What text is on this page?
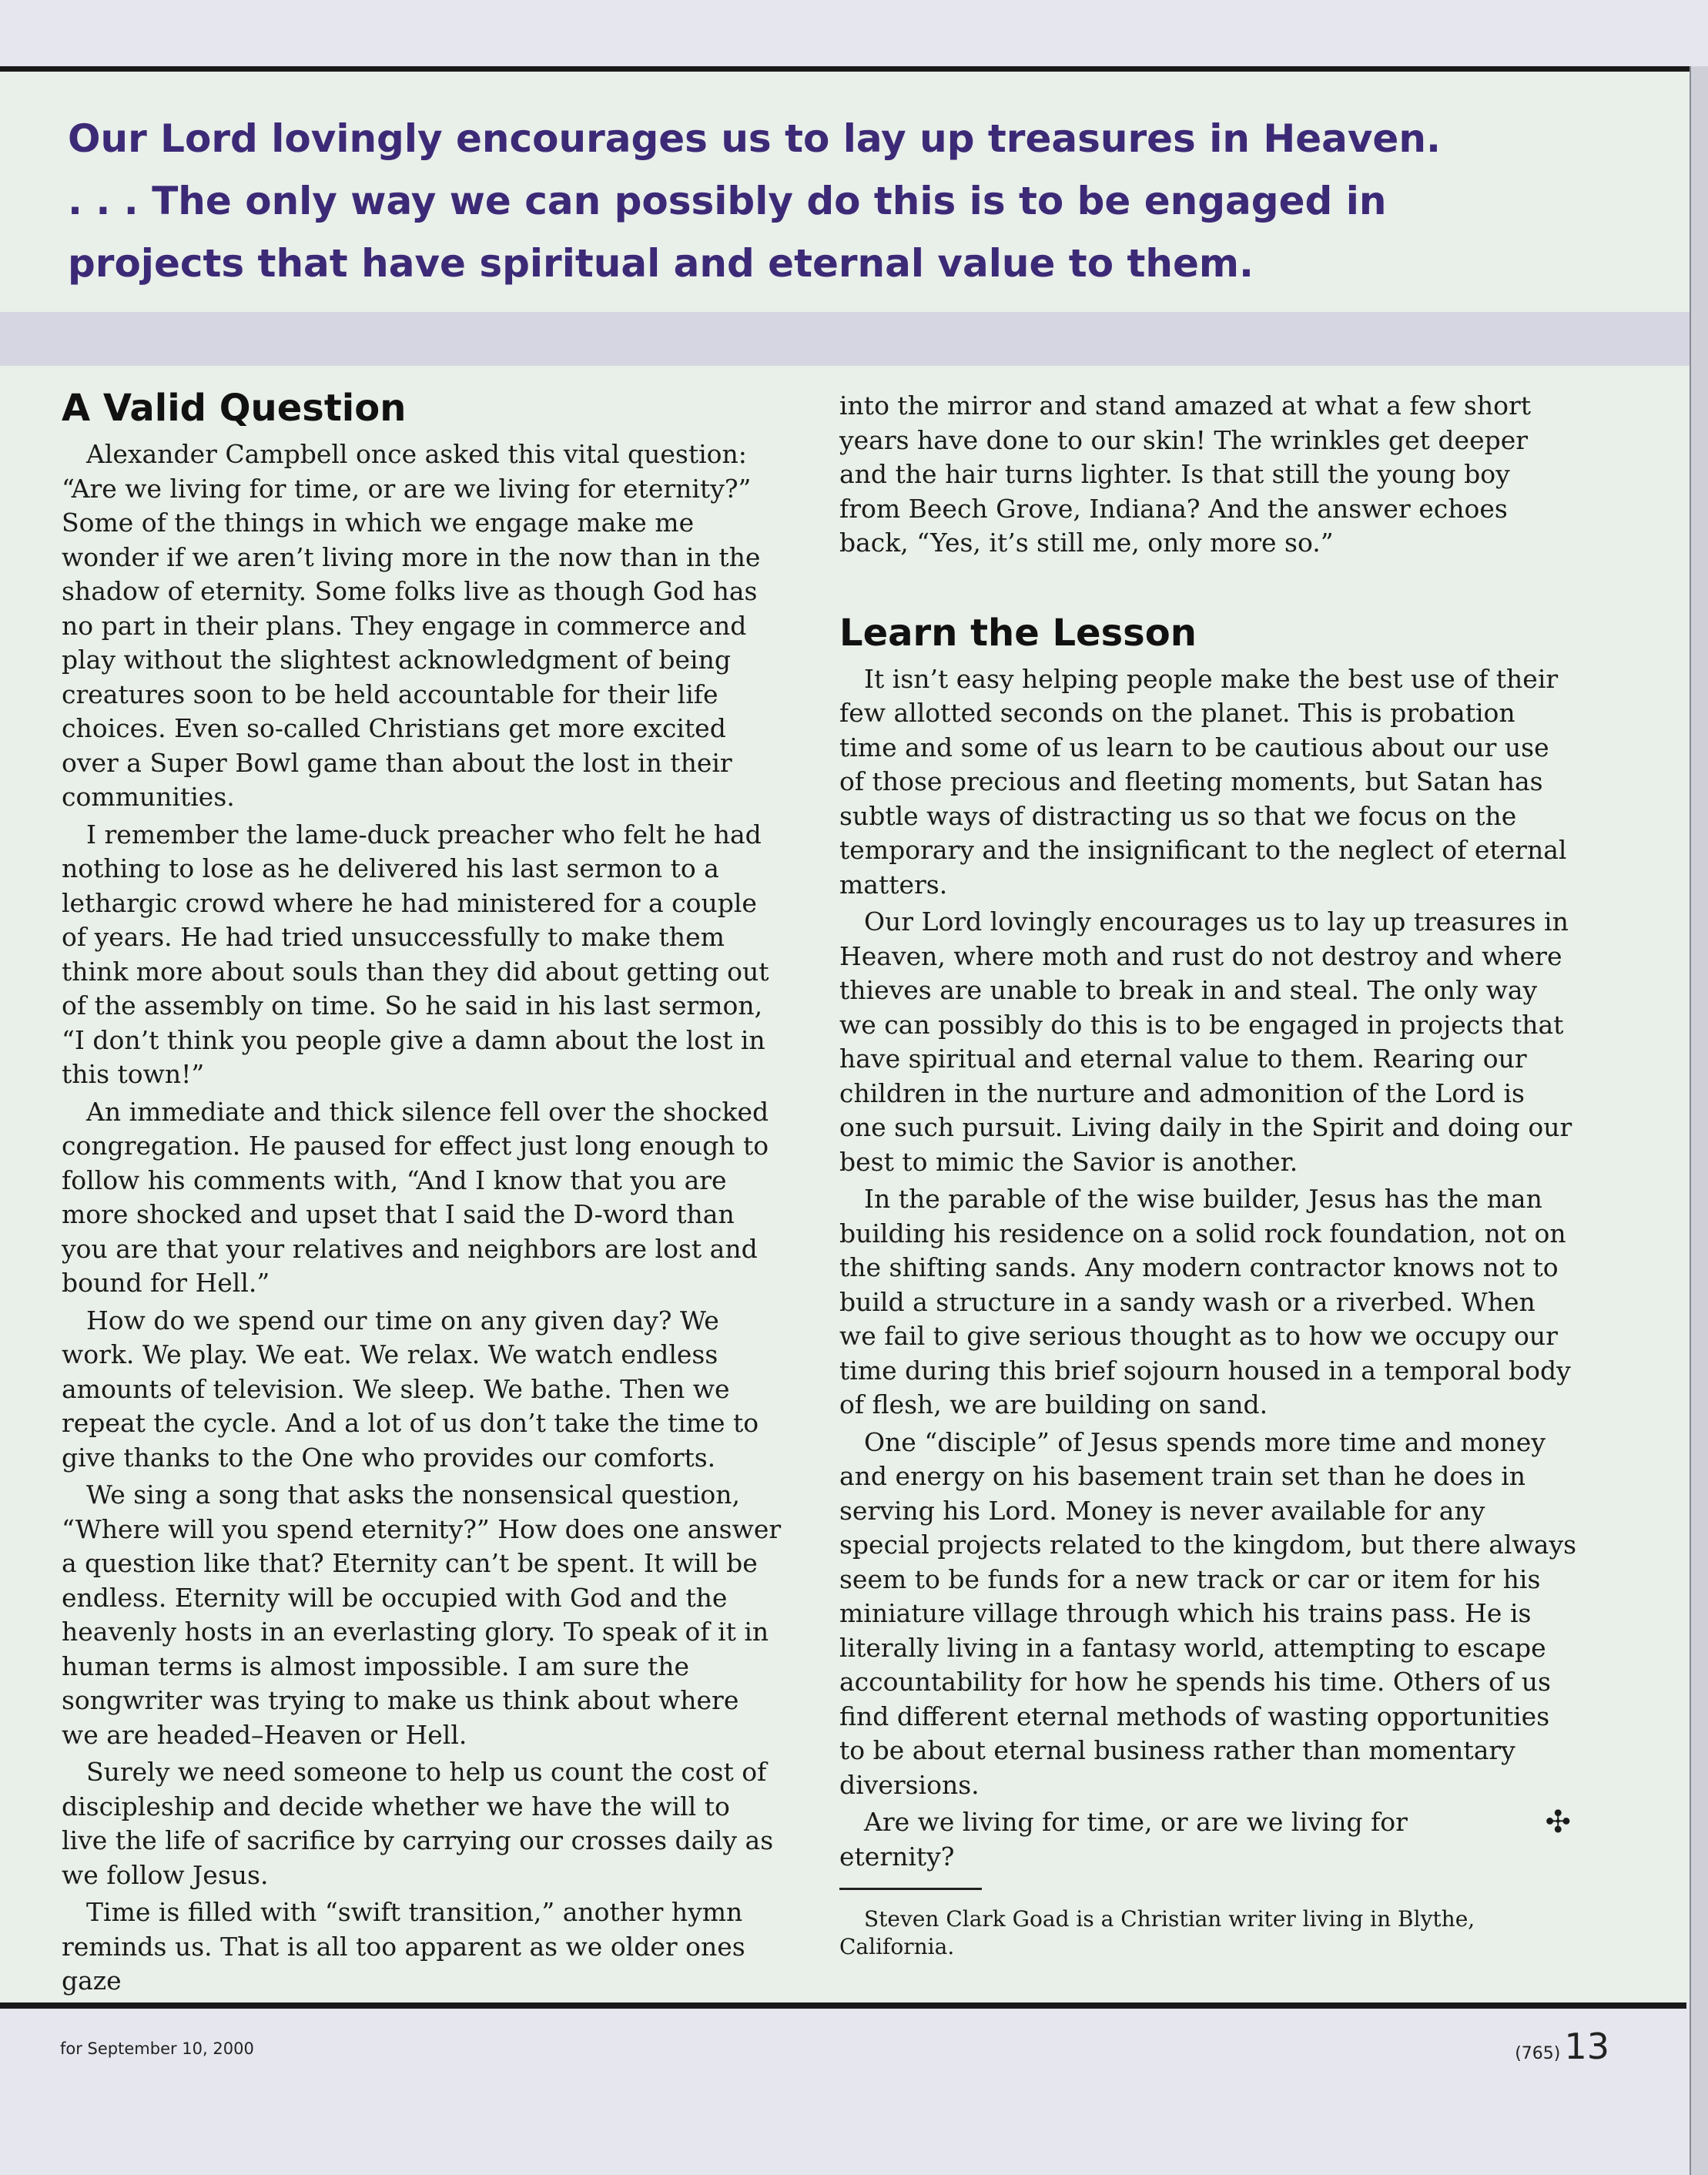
Our Lord lovingly encourages us to lay up treasures in Heaven.
. . . The only way we can possibly do this is to be engaged in
projects that have spiritual and eternal value to them.
A Valid Question

Alexander Campbell once asked this vital question: “Are we living for time, or are we living for eternity?” Some of the things in which we engage make me wonder if we aren’t living more in the now than in the shadow of eternity. Some folks live as though God has no part in their plans. They engage in commerce and play without the slightest acknowledgment of being creatures soon to be held accountable for their life choices. Even so-called Christians get more excited over a Super Bowl game than about the lost in their communities.

I remember the lame-duck preacher who felt he had nothing to lose as he delivered his last sermon to a lethargic crowd where he had ministered for a couple of years. He had tried unsuccessfully to make them think more about souls than they did about getting out of the assembly on time. So he said in his last sermon, “I don’t think you people give a damn about the lost in this town!”

An immediate and thick silence fell over the shocked congregation. He paused for effect just long enough to follow his comments with, “And I know that you are more shocked and upset that I said the D-word than you are that your relatives and neighbors are lost and bound for Hell.”

How do we spend our time on any given day? We work. We play. We eat. We relax. We watch endless amounts of television. We sleep. We bathe. Then we repeat the cycle. And a lot of us don’t take the time to give thanks to the One who provides our comforts.

We sing a song that asks the nonsensical question, “Where will you spend eternity?” How does one answer a question like that? Eternity can’t be spent. It will be endless. Eternity will be occupied with God and the heavenly hosts in an everlasting glory. To speak of it in human terms is almost impossible. I am sure the songwriter was trying to make us think about where we are headed–Heaven or Hell.

Surely we need someone to help us count the cost of discipleship and decide whether we have the will to live the life of sacrifice by carrying our crosses daily as we follow Jesus.

Time is filled with “swift transition,” another hymn reminds us. That is all too apparent as we older ones gaze

into the mirror and stand amazed at what a few short years have done to our skin! The wrinkles get deeper and the hair turns lighter. Is that still the young boy from Beech Grove, Indiana? And the answer echoes back, “Yes, it’s still me, only more so.”

Learn the Lesson

It isn’t easy helping people make the best use of their few allotted seconds on the planet. This is probation time and some of us learn to be cautious about our use of those precious and fleeting moments, but Satan has subtle ways of distracting us so that we focus on the temporary and the insignificant to the neglect of eternal matters.

Our Lord lovingly encourages us to lay up treasures in Heaven, where moth and rust do not destroy and where thieves are unable to break in and steal. The only way we can possibly do this is to be engaged in projects that have spiritual and eternal value to them. Rearing our children in the nurture and admonition of the Lord is one such pursuit. Living daily in the Spirit and doing our best to mimic the Savior is another.

In the parable of the wise builder, Jesus has the man building his residence on a solid rock foundation, not on the shifting sands. Any modern contractor knows not to build a structure in a sandy wash or a riverbed. When we fail to give serious thought as to how we occupy our time during this brief sojourn housed in a temporal body of flesh, we are building on sand.

One “disciple” of Jesus spends more time and money and energy on his basement train set than he does in serving his Lord. Money is never available for any special projects related to the kingdom, but there always seem to be funds for a new track or car or item for his miniature village through which his trains pass. He is literally living in a fantasy world, attempting to escape accountability for how he spends his time. Others of us find different eternal methods of wasting opportunities to be about eternal business rather than momentary diversions.

✣
Are we living for time, or are we living for eternity?

Steven Clark Goad is a Christian writer living in Blythe, California.

for September 10, 2000	(765) 13
